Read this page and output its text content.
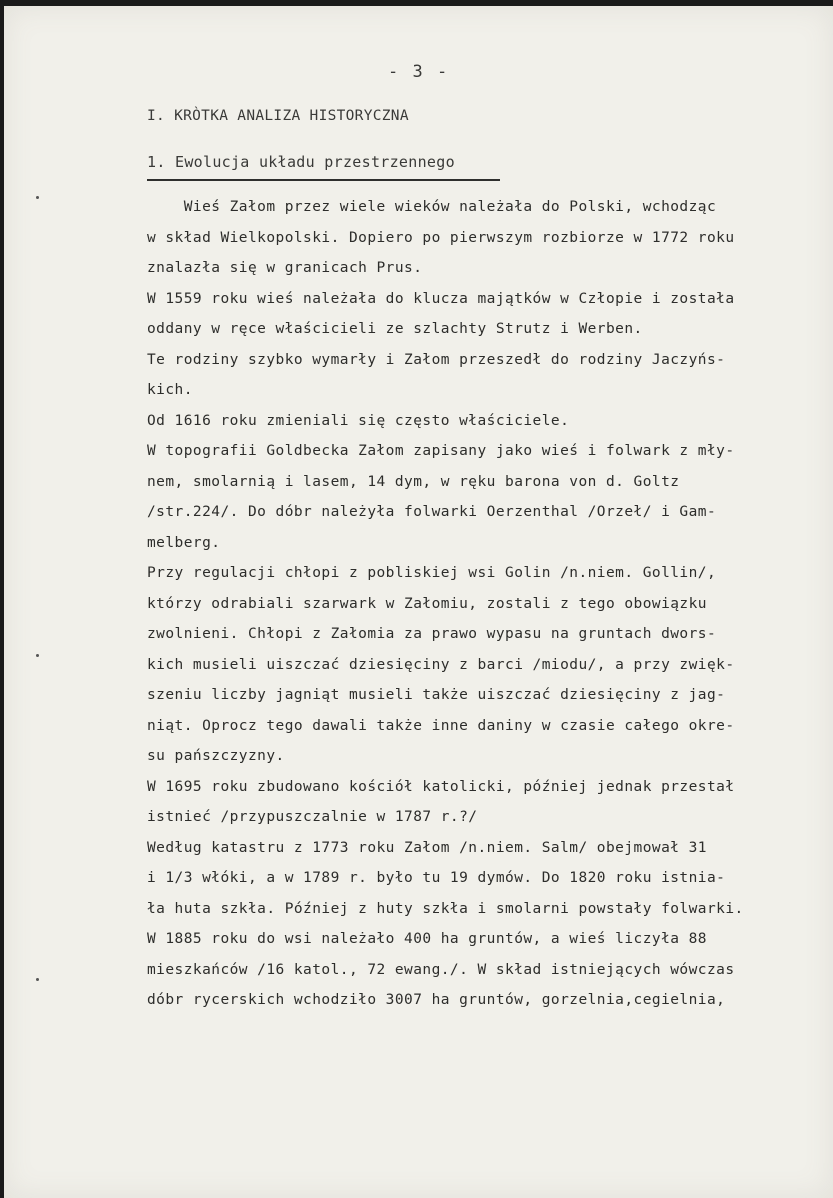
- 3 -
I. KRÒTKA ANALIZA HISTORYCZNA
1. Ewolucja układu przestrzennego
Wieś Załom przez wiele wieków należała do Polski, wchodząc
w skład Wielkopolski. Dopiero po pierwszym rozbiorze w 1772 roku
znalazła się w granicach Prus.
W 1559 roku wieś należała do klucza majątków w Człopie i została
oddany w ręce właścicieli ze szlachty Strutz i Werben.
Te rodziny szybko wymarły i Załom przeszedł do rodziny Jaczyńs-
kich.
Od 1616 roku zmieniali się często właściciele.
W topografii Goldbecka Załom zapisany jako wieś i folwark z mły-
nem, smolarnią i lasem, 14 dym, w ręku barona von d. Goltz
/str.224/. Do dóbr należyła folwarki Oerzenthal /Orzeł/ i Gam-
melberg.
Przy regulacji chłopi z pobliskiej wsi Golin /n.niem. Gollin/,
którzy odrabiali szarwark w Załomiu, zostali z tego obowiązku
zwolnieni. Chłopi z Załomia za prawo wypasu na gruntach dwors-
kich musieli uiszczać dziesięciny z barci /miodu/, a przy zwięk-
szeniu liczby jagniąt musieli także uiszczać dziesięciny z jag-
niąt. Oprocz tego dawali także inne daniny w czasie całego okre-
su pańszczyzny.
W 1695 roku zbudowano kościół katolicki, później jednak przestał
istnieć /przypuszczalnie w 1787 r.?/
Według katastru z 1773 roku Załom /n.niem. Salm/ obejmował 31
i 1/3 włóki, a w 1789 r. było tu 19 dymów. Do 1820 roku istnia-
ła huta szkła. Później z huty szkła i smolarni powstały folwarki.
W 1885 roku do wsi należało 400 ha gruntów, a wieś liczyła 88
mieszkańców /16 katol., 72 ewang./. W skład istniejących wówczas
dóbr rycerskich wchodziło 3007 ha gruntów, gorzelnia,cegielnia,
